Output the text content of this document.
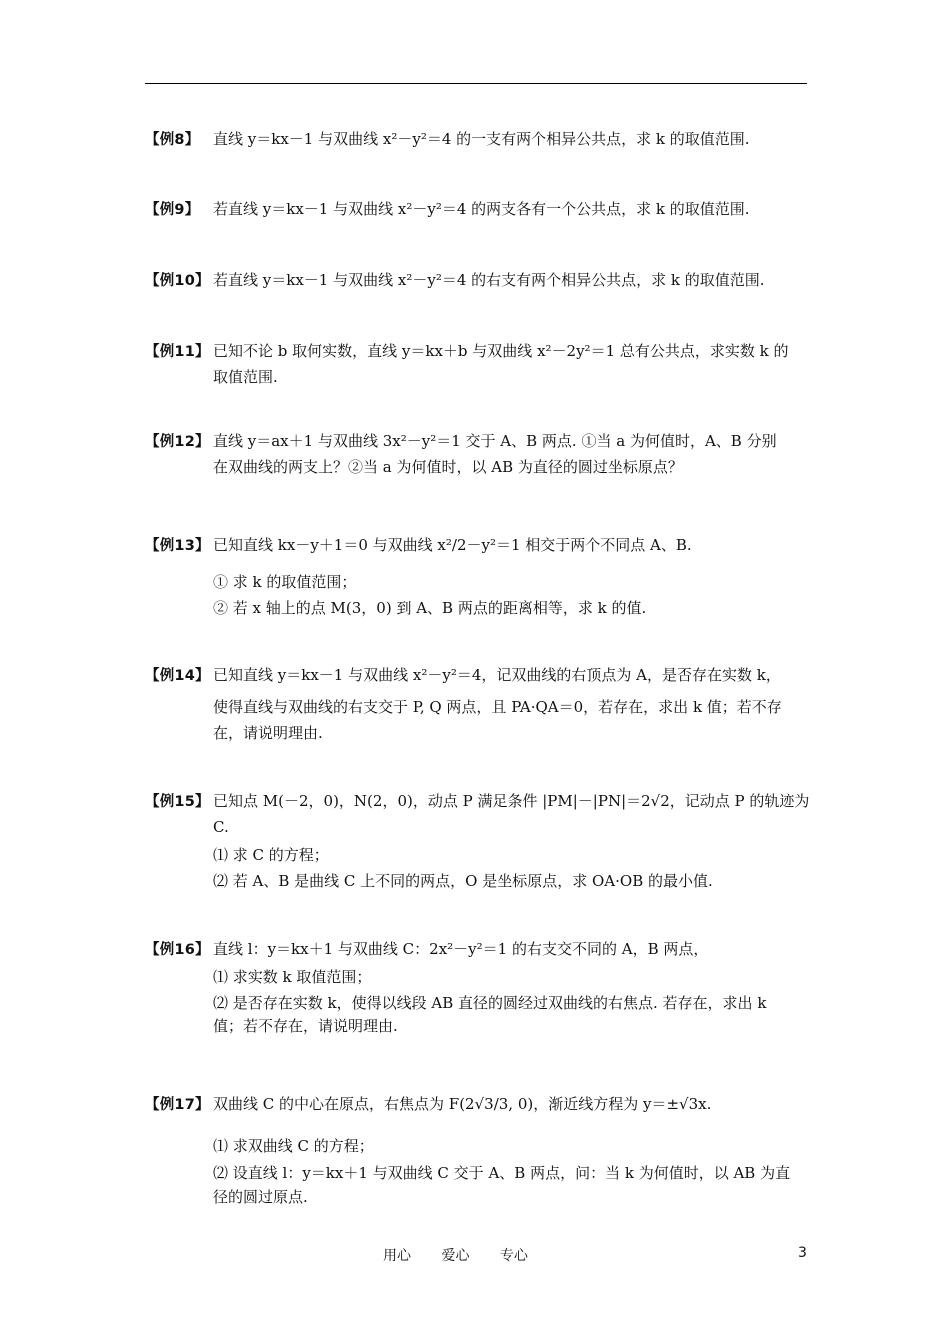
【例8】 直线 y＝kx－1 与双曲线 x²－y²＝4 的一支有两个相异公共点，求 k 的取值范围.
【例9】 若直线 y＝kx－1 与双曲线 x²－y²＝4 的两支各有一个公共点，求 k 的取值范围.
【例10】 若直线 y＝kx－1 与双曲线 x²－y²＝4 的右支有两个相异公共点，求 k 的取值范围.
【例11】 已知不论 b 取何实数，直线 y＝kx＋b 与双曲线 x²－2y²＝1 总有公共点，求实数 k 的
取值范围.
【例12】 直线 y＝ax＋1 与双曲线 3x²－y²＝1 交于 A、B 两点. ①当 a 为何值时，A、B 分别
在双曲线的两支上？②当 a 为何值时，以 AB 为直径的圆过坐标原点？
【例13】 已知直线 kx－y＋1＝0 与双曲线 x²/2－y²＝1 相交于两个不同点 A、B.
① 求 k 的取值范围；
② 若 x 轴上的点 M(3，0) 到 A、B 两点的距离相等，求 k 的值.
【例14】 已知直线 y＝kx－1 与双曲线 x²－y²＝4，记双曲线的右顶点为 A，是否存在实数 k，
使得直线与双曲线的右支交于 P, Q 两点，且 PA·QA＝0，若存在，求出 k 值；若不存
在，请说明理由.
【例15】 已知点 M(－2，0)，N(2，0)，动点 P 满足条件 |PM|－|PN|＝2√2，记动点 P 的轨迹为
C.
⑴ 求 C 的方程；
⑵ 若 A、B 是曲线 C 上不同的两点，O 是坐标原点，求 OA·OB 的最小值.
【例16】 直线 l：y＝kx＋1 与双曲线 C：2x²－y²＝1 的右支交不同的 A，B 两点，
⑴ 求实数 k 取值范围；
⑵ 是否存在实数 k，使得以线段 AB 直径的圆经过双曲线的右焦点. 若存在，求出 k
值；若不存在，请说明理由.
【例17】 双曲线 C 的中心在原点，右焦点为 F(2√3/3, 0)，渐近线方程为 y＝±√3x.
⑴ 求双曲线 C 的方程；
⑵ 设直线 l：y＝kx＋1 与双曲线 C 交于 A、B 两点，问：当 k 为何值时，以 AB 为直
径的圆过原点.
用心 爱心 专心	3
